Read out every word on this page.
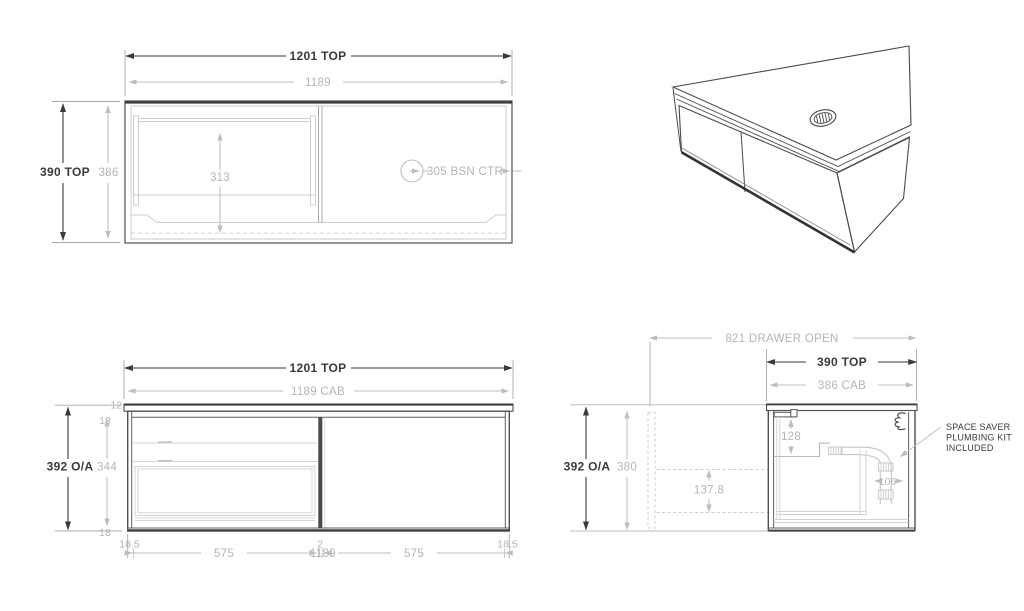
1201 TOP
1189
390 TOP 386	313	305 BSN CTR
1201 TOP
1189 CAB
12
18
392 O/A 344
18
18.5
575
2
1189	575
18.5
821 DRAWER OPEN
390 TOP
386 CAB
392 O/A 380
137.8
128
106
SPACE SAVER
PLUMBING KIT
INCLUDED
